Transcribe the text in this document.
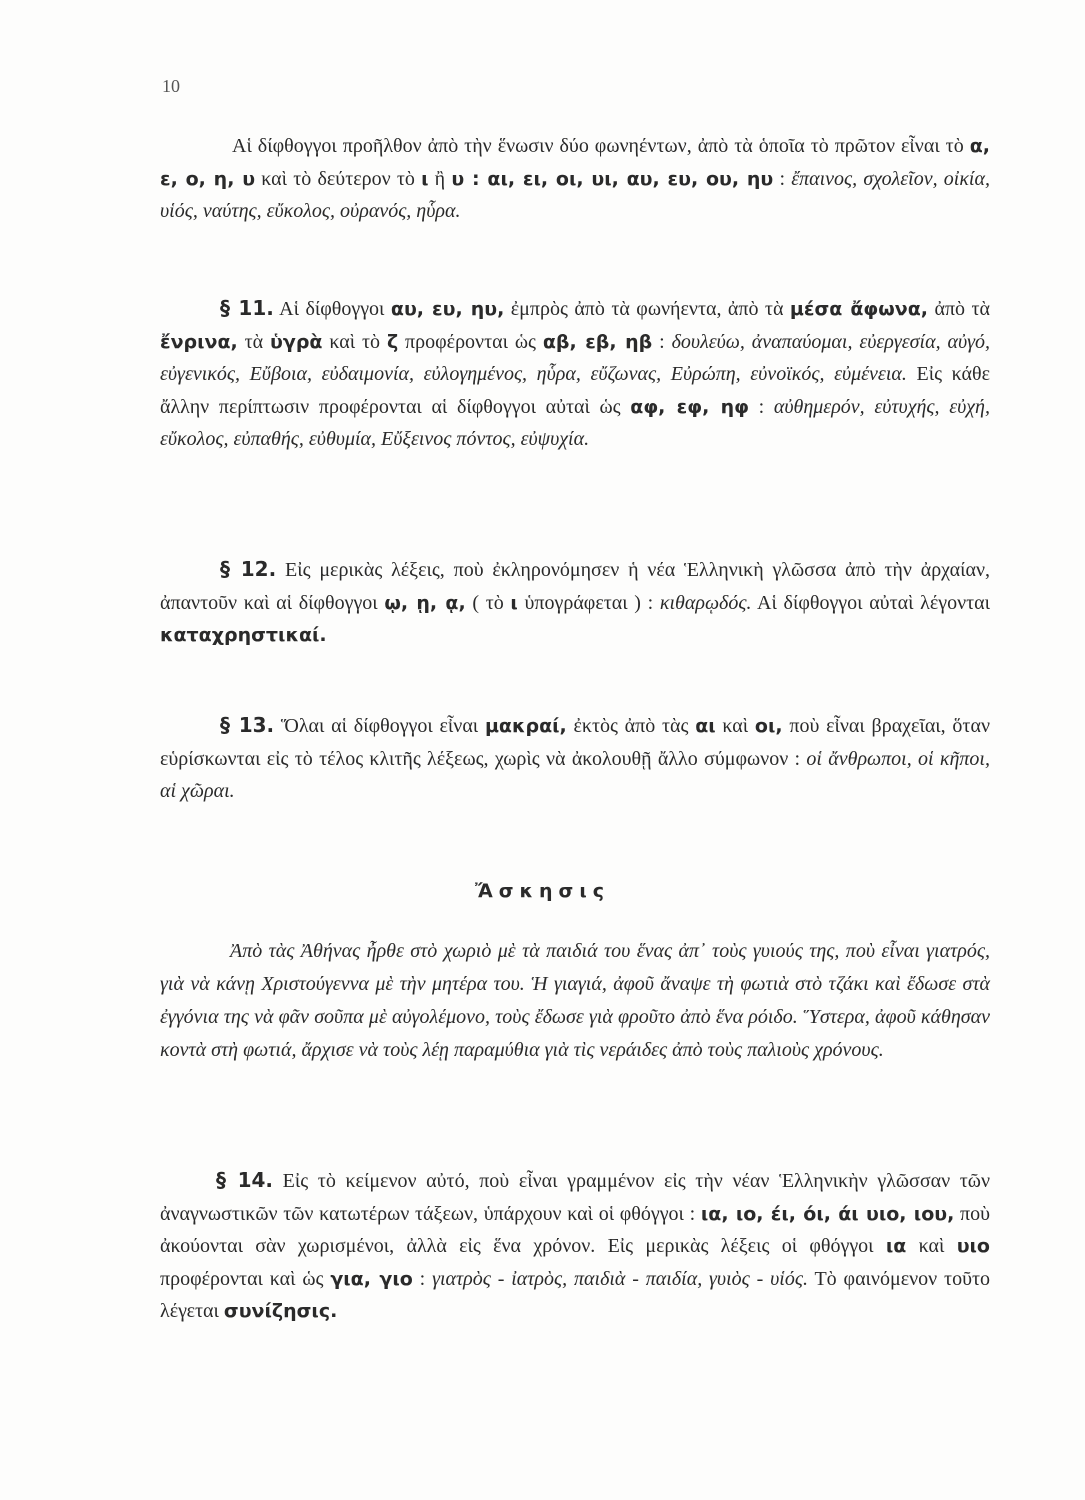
10
Αἱ δίφθογγοι προῆλθον ἀπὸ τὴν ἕνωσιν δύο φωνηέντων, ἀπὸ τὰ ὁποῖα τὸ πρῶτον εἶναι τὸ α, ε, ο, η, υ καὶ τὸ δεύτερον τὸ ι ἢ υ : αι, ει, οι, υι, αυ, ευ, ου, ηυ : ἔπαινος, σχολεῖον, οἰκία, υἱός, ναύτης, εὔκολος, οὐρανός, ηὗρα.
§ 11. Αἱ δίφθογγοι αυ, ευ, ηυ, ἐμπρὸς ἀπὸ τὰ φωνήεντα, ἀπὸ τὰ μέσα ἄφωνα, ἀπὸ τὰ ἔνρινα, τὰ ὑγρὰ καὶ τὸ ζ προφέρονται ὡς αβ, εβ, ηβ : δουλεύω, ἀναπαύομαι, εὐεργεσία, αὐγό, εὐγενικός, Εὔβοια, εὐδαιμονία, εὐλογημένος, ηὗρα, εὔζωνας, Εὐρώπη, εὐνοϊκός, εὐμένεια. Εἰς κάθε ἄλλην περίπτωσιν προφέρονται αἱ δίφθογγοι αὐταὶ ὡς αφ, εφ, ηφ : αὐθημερόν, εὐτυχής, εὐχή, εὔκολος, εὐπαθής, εὐθυμία, Εὔξεινος πόντος, εὐψυχία.
§ 12. Εἰς μερικὰς λέξεις, ποὺ ἐκληρονόμησεν ἡ νέα Ἑλληνικὴ γλῶσσα ἀπὸ τὴν ἀρχαίαν, ἀπαντοῦν καὶ αἱ δίφθογγοι ῳ, ῃ, ᾳ, ( τὸ ι ὑπογράφεται ) : κιθαρῳδός. Αἱ δίφθογγοι αὐταὶ λέγονται καταχρηστικαί.
§ 13. Ὅλαι αἱ δίφθογγοι εἶναι μακραί, ἐκτὸς ἀπὸ τὰς αι καὶ οι, ποὺ εἶναι βραχεῖαι, ὅταν εὑρίσκωνται εἰς τὸ τέλος κλιτῆς λέξεως, χωρὶς νὰ ἀκολουθῇ ἄλλο σύμφωνον : οἱ ἄνθρωποι, οἱ κῆποι, αἱ χῶραι.
Ἄσκησις
Ἀπὸ τὰς Ἀθήνας ἦρθε στὸ χωριὸ μὲ τὰ παιδιά του ἕνας ἀπ᾿ τοὺς γυιούς της, ποὺ εἶναι γιατρός, γιὰ νὰ κάνῃ Χριστούγεννα μὲ τὴν μητέρα του. Ἡ γιαγιά, ἀφοῦ ἄναψε τὴ φωτιὰ στὸ τζάκι καὶ ἔδωσε στὰ ἐγγόνια της νὰ φᾶν σοῦπα μὲ αὐγολέμονο, τοὺς ἔδωσε γιὰ φροῦτο ἀπὸ ἕνα ρόιδο. Ὕστερα, ἀφοῦ κάθησαν κοντὰ στὴ φωτιά, ἄρχισε νὰ τοὺς λέῃ παραμύθια γιὰ τὶς νεράιδες ἀπὸ τοὺς παλιοὺς χρόνους.
§ 14. Εἰς τὸ κείμενον αὐτό, ποὺ εἶναι γραμμένον εἰς τὴν νέαν Ἑλληνικὴν γλῶσσαν τῶν ἀναγνωστικῶν τῶν κατωτέρων τάξεων, ὑπάρχουν καὶ οἱ φθόγγοι : ια, ιο, έι, όι, άι υιο, ιου, ποὺ ἀκούονται σὰν χωρισμένοι, ἀλλὰ εἰς ἕνα χρόνον. Εἰς μερικὰς λέξεις οἱ φθόγγοι ια καὶ υιο προφέρονται καὶ ὡς για, γιο : γιατρὸς - ἰατρὸς, παιδιὰ - παιδία, γυιὸς - υἱός. Τὸ φαινόμενον τοῦτο λέγεται συνίζησις.
